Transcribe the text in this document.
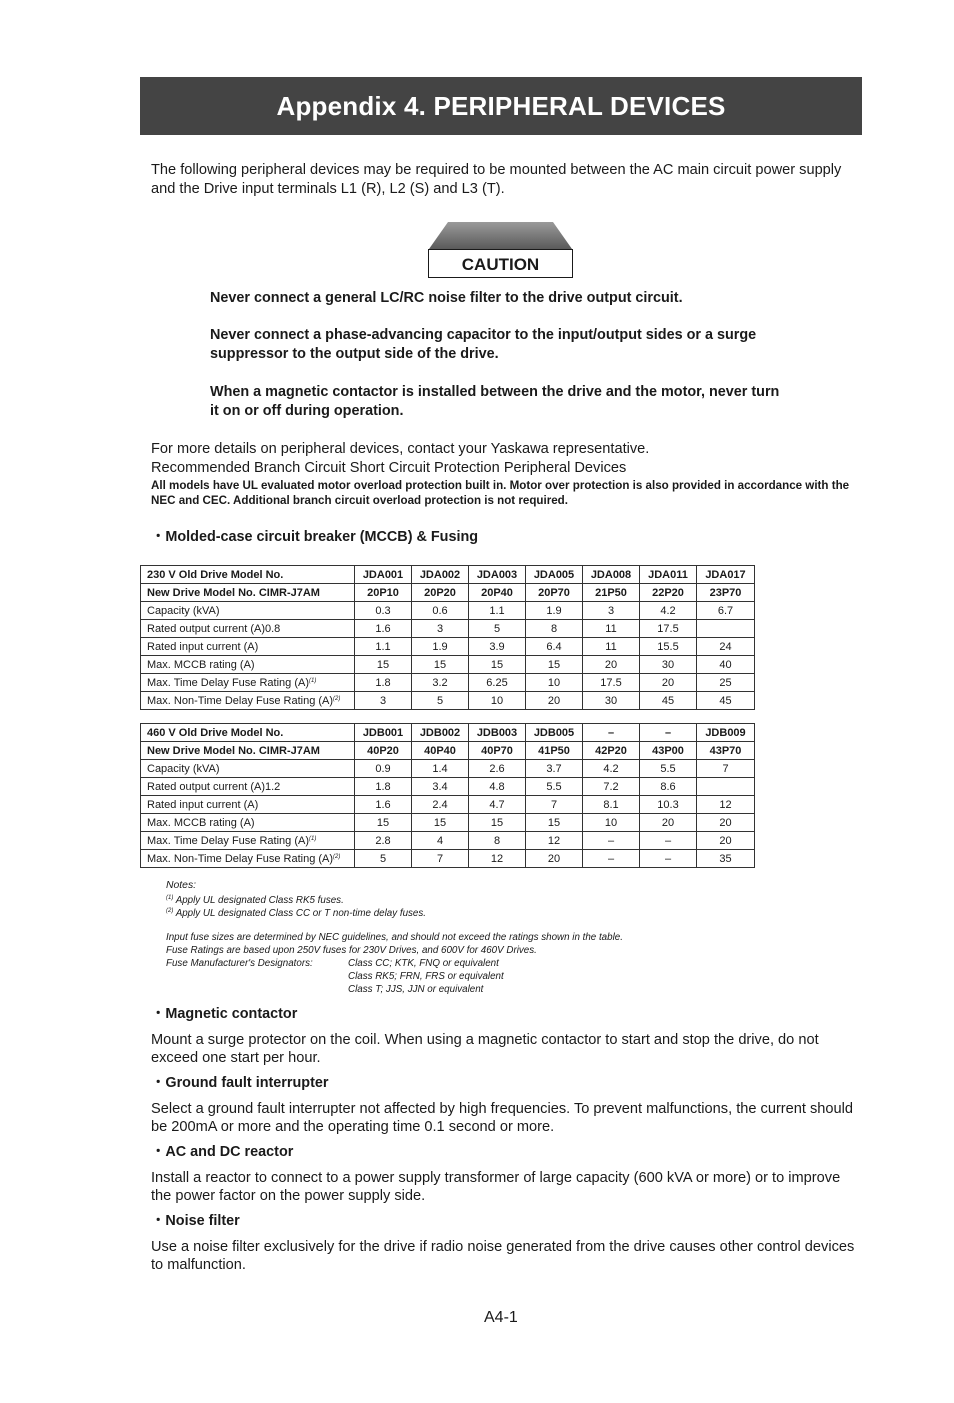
Appendix 4. PERIPHERAL DEVICES
The following peripheral devices may be required to be mounted between the AC main circuit power supply and the Drive input terminals L1 (R), L2 (S) and L3 (T).
CAUTION
Never connect a general LC/RC noise filter to the drive output circuit.
Never connect a phase-advancing capacitor to the input/output sides or a surge suppressor to the output side of the drive.
When a magnetic contactor is installed between the drive and the motor, never turn it on or off during operation.
For more details on peripheral devices, contact your Yaskawa representative.
Recommended Branch Circuit Short Circuit Protection Peripheral Devices
All models have UL evaluated motor overload protection built in. Motor over protection is also provided in accordance with the NEC and CEC. Additional branch circuit overload protection is not required.
・Molded-case circuit breaker (MCCB) & Fusing
230 V Old Drive Model No.	JDA001	JDA002	JDA003	JDA005	JDA008	JDA011	JDA017
New Drive Model No. CIMR-J7AM	20P10	20P20	20P40	20P70	21P50	22P20	23P70
Capacity (kVA)	0.3	0.6	1.1	1.9	3	4.2	6.7
Rated output current (A)0.8	1.6	3	5	8	11	17.5	
Rated input current (A)	1.1	1.9	3.9	6.4	11	15.5	24
Max. MCCB rating (A)	15	15	15	15	20	30	40
Max. Time Delay Fuse Rating $(A)^{(1)}$	1.8	3.2	6.25	10	17.5	20	25
Max. Non-Time Delay Fuse Rating $(A)^{(2)}$	3	5	10	20	30	45	45
460 V Old Drive Model No.	JDB001	JDB002	JDB003	JDB005	–	–	JDB009
New Drive Model No. CIMR-J7AM	40P20	40P40	40P70	41P50	42P20	43P00	43P70
Capacity (kVA)	0.9	1.4	2.6	3.7	4.2	5.5	7
Rated output current (A)1.2	1.8	3.4	4.8	5.5	7.2	8.6	
Rated input current (A)	1.6	2.4	4.7	7	8.1	10.3	12
Max. MCCB rating (A)	15	15	15	15	10	20	20
Max. Time Delay Fuse Rating $(A)^{(1)}$	2.8	4	8	12	–	–	20
Max. Non-Time Delay Fuse Rating $(A)^{(2)}$	5	7	12	20	–	–	35
Notes:
$^{(1)}$ Apply UL designated Class RK5 fuses.
$^{(2)}$ Apply UL designated Class CC or T non-time delay fuses.
Input fuse sizes are determined by NEC guidelines, and should not exceed the ratings shown in the table.
Fuse Ratings are based upon 250V fuses for 230V Drives, and 600V for 460V Drives.
Fuse Manufacturer's Designators:	Class CC; KTK, FNQ or equivalent
Class RK5; FRN, FRS or equivalent
Class T; JJS, JJN or equivalent
・Magnetic contactor
Mount a surge protector on the coil. When using a magnetic contactor to start and stop the drive, do not exceed one start per hour.
・Ground fault interrupter
Select a ground fault interrupter not affected by high frequencies. To prevent malfunctions, the current should be 200mA or more and the operating time 0.1 second or more.
・AC and DC reactor
Install a reactor to connect to a power supply transformer of large capacity (600 kVA or more) or to improve the power factor on the power supply side.
・Noise filter
Use a noise filter exclusively for the drive if radio noise generated from the drive causes other control devices to malfunction.
A4-1
